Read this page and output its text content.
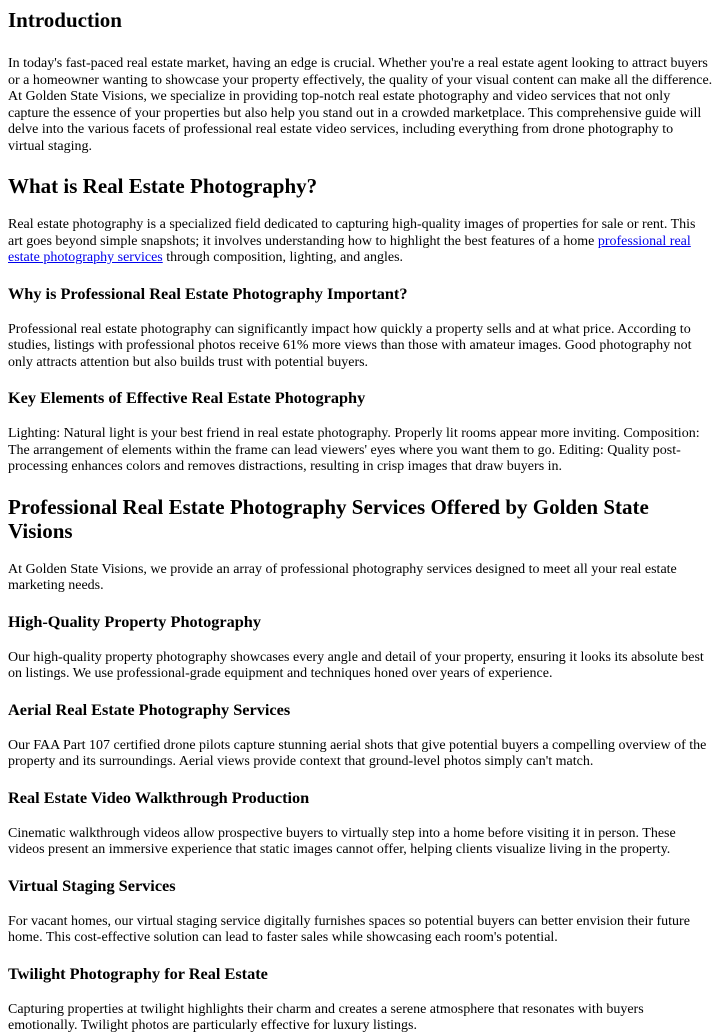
Introduction

In today's fast-paced real estate market, having an edge is crucial. Whether you're a real estate agent looking to attract buyers or a homeowner wanting to showcase your property effectively, the quality of your visual content can make all the difference. At Golden State Visions, we specialize in providing top-notch real estate photography and video services that not only capture the essence of your properties but also help you stand out in a crowded marketplace. This comprehensive guide will delve into the various facets of professional real estate video services, including everything from drone photography to virtual staging.

What is Real Estate Photography?

Real estate photography is a specialized field dedicated to capturing high-quality images of properties for sale or rent. This art goes beyond simple snapshots; it involves understanding how to highlight the best features of a home professional real estate photography services through composition, lighting, and angles.

Why is Professional Real Estate Photography Important?

Professional real estate photography can significantly impact how quickly a property sells and at what price. According to studies, listings with professional photos receive 61% more views than those with amateur images. Good photography not only attracts attention but also builds trust with potential buyers.

Key Elements of Effective Real Estate Photography

Lighting: Natural light is your best friend in real estate photography. Properly lit rooms appear more inviting. Composition: The arrangement of elements within the frame can lead viewers' eyes where you want them to go. Editing: Quality post-processing enhances colors and removes distractions, resulting in crisp images that draw buyers in.

Professional Real Estate Photography Services Offered by Golden State Visions

At Golden State Visions, we provide an array of professional photography services designed to meet all your real estate marketing needs.

High-Quality Property Photography

Our high-quality property photography showcases every angle and detail of your property, ensuring it looks its absolute best on listings. We use professional-grade equipment and techniques honed over years of experience.

Aerial Real Estate Photography Services

Our FAA Part 107 certified drone pilots capture stunning aerial shots that give potential buyers a compelling overview of the property and its surroundings. Aerial views provide context that ground-level photos simply can't match.

Real Estate Video Walkthrough Production

Cinematic walkthrough videos allow prospective buyers to virtually step into a home before visiting it in person. These videos present an immersive experience that static images cannot offer, helping clients visualize living in the property.

Virtual Staging Services

For vacant homes, our virtual staging service digitally furnishes spaces so potential buyers can better envision their future home. This cost-effective solution can lead to faster sales while showcasing each room's potential.

Twilight Photography for Real Estate

Capturing properties at twilight highlights their charm and creates a serene atmosphere that resonates with buyers emotionally. Twilight photos are particularly effective for luxury listings.
